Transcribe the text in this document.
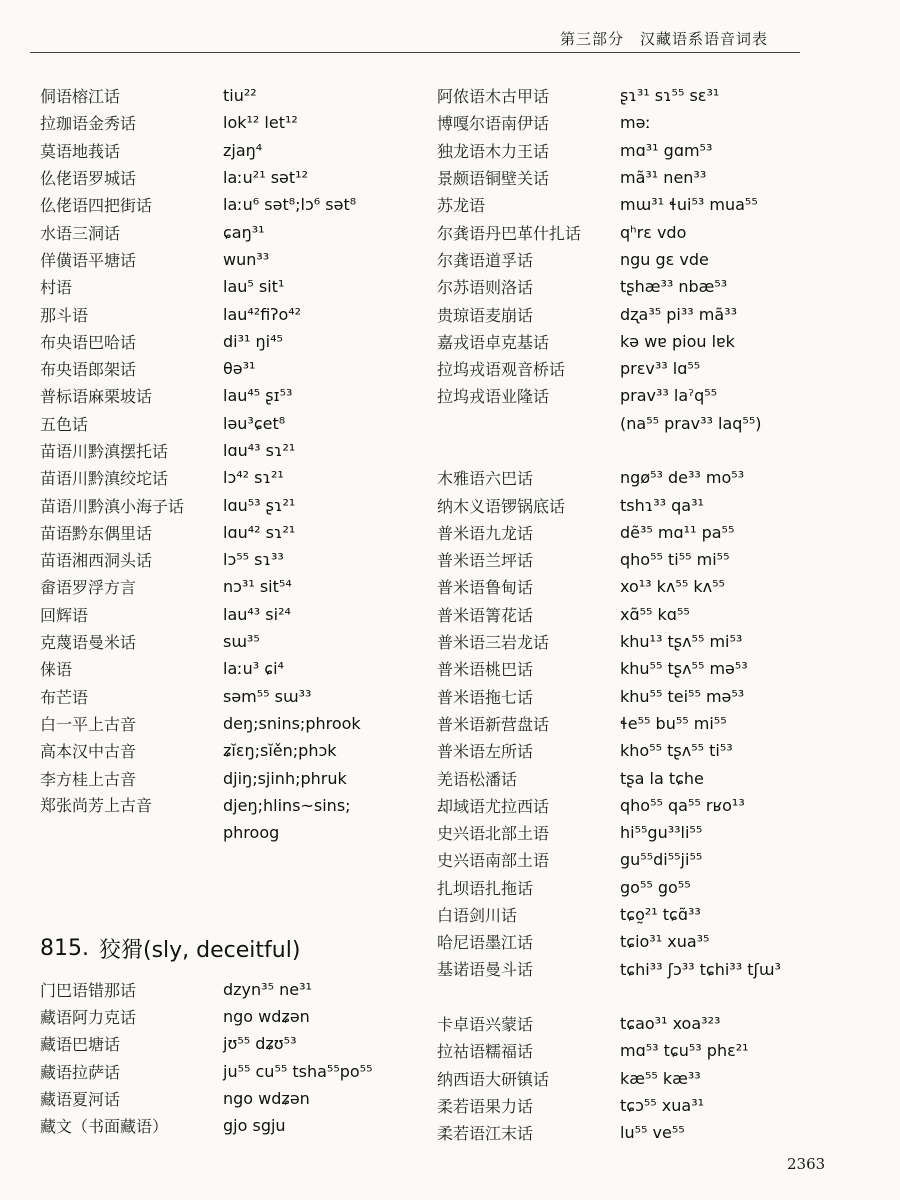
第三部分　汉藏语系语音词表
侗语榕江话	tiu²²
拉珈语金秀话	lok¹² let¹²
莫语地莪话	zjaŋ⁴
仫佬语罗城话	laːu²¹ sət¹²
仫佬语四把街话	laːu⁶ sət⁸;lɔ⁶ sət⁸
水语三洞话	ɕaŋ³¹
佯僙语平塘话	wun³³
村语	lau⁵ sit¹
那斗语	lau⁴²fiʔo⁴²
布央语巴哈话	di³¹ ŋi⁴⁵
布央语郎架话	θə³¹
普标语麻栗坡话	lau⁴⁵ ʂɪ⁵³
五色话	ləu³ɕet⁸
苗语川黔滇摆托话	lɑu⁴³ sɿ²¹
苗语川黔滇绞坨话	lɔ⁴² sɿ²¹
苗语川黔滇小海子话	lɑu⁵³ ʂɿ²¹
苗语黔东偶里话	lɑu⁴² sɿ²¹
苗语湘西洞头话	lɔ⁵⁵ sɿ³³
畲语罗浮方言	nɔ³¹ sit⁵⁴
回辉语	lau⁴³ si²⁴
克蔑语曼米话	sɯ³⁵
俫语	laːu³ ɕi⁴
布芒语	səm⁵⁵ sɯ³³
白一平上古音	deŋ;snins;phrook
高本汉中古音	ʑĭɛŋ;sĭěn;phɔk
李方桂上古音	djiŋ;sjinh;phruk
郑张尚芳上古音	djeŋ;hlins~sins; phroog
815. 狡猾(sly, deceitful)
门巴语错那话	dzyn³⁵ ne³¹
藏语阿力克话	ngo wdʑən
藏语巴塘话	jʊ⁵⁵ dʑʊ⁵³
藏语拉萨话	ju⁵⁵ cu⁵⁵ tsha⁵⁵po⁵⁵
藏语夏河话	ngo wdʑən
藏文（书面藏语）	gjo sgju
阿侬语木古甲话	ʂɿ³¹ sɿ⁵⁵ sɛ³¹
博嘎尔语南伊话	məː
独龙语木力王话	mɑ³¹ gɑm⁵³
景颇语铜壁关话	mã³¹ nen³³
苏龙语	mɯ³¹ ɬui⁵³ mua⁵⁵
尔龚语丹巴革什扎话	qʰrɛ vdo
尔龚语道孚话	ngu gɛ vde
尔苏语则洛话	tʂhæ³³ nbæ⁵³
贵琼语麦崩话	dʐa³⁵ pi³³ mã³³
嘉戎语卓克基话	kə wɐ piou lɐk
拉坞戎语观音桥话	prɛv³³ lɑ⁵⁵
拉坞戎语业隆话	prav³³ laˀq⁵⁵
(na⁵⁵ prav³³ laq⁵⁵)
木雅语六巴话	ngø⁵³ de³³ mo⁵³
纳木义语锣锅底话	tshɿ³³ qa³¹
普米语九龙话	dẽ³⁵ mɑ¹¹ pa⁵⁵
普米语兰坪话	qho⁵⁵ ti⁵⁵ mi⁵⁵
普米语鲁甸话	xo¹³ kʌ⁵⁵ kʌ⁵⁵
普米语箐花话	xɑ̃⁵⁵ kɑ⁵⁵
普米语三岩龙话	khu¹³ tʂʌ⁵⁵ mi⁵³
普米语桃巴话	khu⁵⁵ tʂʌ⁵⁵ mə⁵³
普米语拖七话	khu⁵⁵ tei⁵⁵ mə⁵³
普米语新营盘话	ɬe⁵⁵ bu⁵⁵ mi⁵⁵
普米语左所话	kho⁵⁵ tʂʌ⁵⁵ ti⁵³
羌语松潘话	tʂa la tɕhe
却域语尤拉西话	qho⁵⁵ qa⁵⁵ rʁo¹³
史兴语北部土语	hi⁵⁵gu³³li⁵⁵
史兴语南部土语	gu⁵⁵di⁵⁵ji⁵⁵
扎坝语扎拖话	go⁵⁵ go⁵⁵
白语剑川话	tɕo̰²¹ tɕɑ̃³³
哈尼语墨江话	tɕio³¹ xua³⁵
基诺语曼斗话	tɕhi³³ ʃɔ³³ tɕhi³³ tʃɯ³
卡卓语兴蒙话	tɕao³¹ xoa³²³
拉祜语糯福话	mɑ⁵³ tɕu⁵³ phɛ²¹
纳西语大研镇话	kæ⁵⁵ kæ³³
柔若语果力话	tɕɔ⁵⁵ xua³¹
柔若语江末话	lu⁵⁵ ve⁵⁵
2363
